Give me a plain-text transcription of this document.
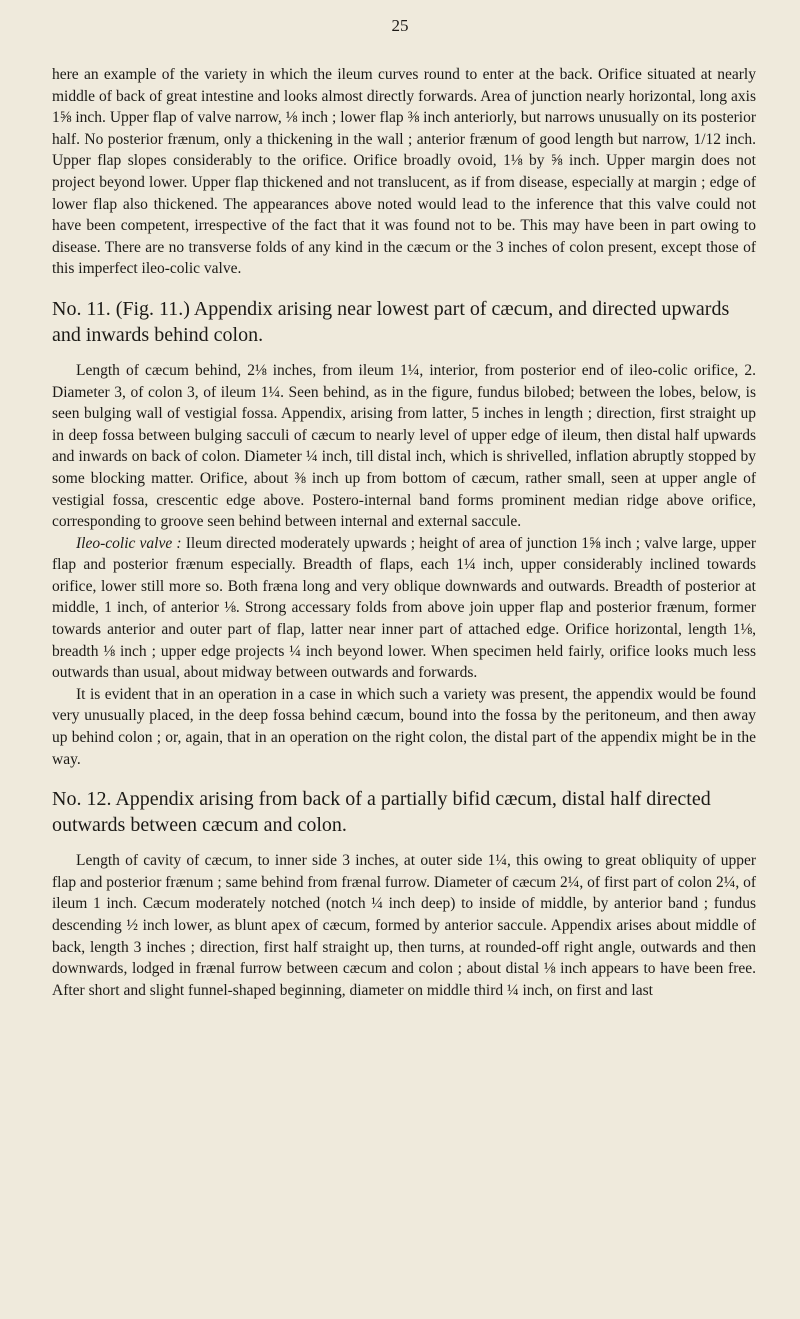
25

here an example of the variety in which the ileum curves round to enter at the back. Orifice situated at nearly middle of back of great intestine and looks almost directly forwards. Area of junction nearly horizontal, long axis 1⅝ inch. Upper flap of valve narrow, ⅛ inch ; lower flap ⅜ inch anteriorly, but narrows unusually on its posterior half. No posterior frænum, only a thickening in the wall ; anterior frænum of good length but narrow, 1/12 inch. Upper flap slopes considerably to the orifice. Orifice broadly ovoid, 1⅛ by ⅝ inch. Upper margin does not project beyond lower. Upper flap thickened and not translucent, as if from disease, especially at margin ; edge of lower flap also thickened. The appearances above noted would lead to the inference that this valve could not have been competent, irrespective of the fact that it was found not to be. This may have been in part owing to disease. There are no transverse folds of any kind in the cæcum or the 3 inches of colon present, except those of this imperfect ileo-colic valve.

No. 11. (Fig. 11.) Appendix arising near lowest part of cæcum, and directed upwards and inwards behind colon.

Length of cæcum behind, 2⅛ inches, from ileum 1¼, interior, from posterior end of ileo-colic orifice, 2. Diameter 3, of colon 3, of ileum 1¼. Seen behind, as in the figure, fundus bilobed; between the lobes, below, is seen bulging wall of vestigial fossa. Appendix, arising from latter, 5 inches in length ; direction, first straight up in deep fossa between bulging sacculi of cæcum to nearly level of upper edge of ileum, then distal half upwards and inwards on back of colon. Diameter ¼ inch, till distal inch, which is shrivelled, inflation abruptly stopped by some blocking matter. Orifice, about ⅜ inch up from bottom of cæcum, rather small, seen at upper angle of vestigial fossa, crescentic edge above. Postero-internal band forms prominent median ridge above orifice, corresponding to groove seen behind between internal and external saccule.

Ileo-colic valve : Ileum directed moderately upwards ; height of area of junction 1⅝ inch ; valve large, upper flap and posterior frænum especially. Breadth of flaps, each 1¼ inch, upper considerably inclined towards orifice, lower still more so. Both fræna long and very oblique downwards and outwards. Breadth of posterior at middle, 1 inch, of anterior ⅛. Strong accessary folds from above join upper flap and posterior frænum, former towards anterior and outer part of flap, latter near inner part of attached edge. Orifice horizontal, length 1⅛, breadth ⅛ inch ; upper edge projects ¼ inch beyond lower. When specimen held fairly, orifice looks much less outwards than usual, about midway between outwards and forwards.

It is evident that in an operation in a case in which such a variety was present, the appendix would be found very unusually placed, in the deep fossa behind cæcum, bound into the fossa by the peritoneum, and then away up behind colon ; or, again, that in an operation on the right colon, the distal part of the appendix might be in the way.

No. 12. Appendix arising from back of a partially bifid cæcum, distal half directed outwards between cæcum and colon.

Length of cavity of cæcum, to inner side 3 inches, at outer side 1¼, this owing to great obliquity of upper flap and posterior frænum ; same behind from frænal furrow. Diameter of cæcum 2¼, of first part of colon 2¼, of ileum 1 inch. Cæcum moderately notched (notch ¼ inch deep) to inside of middle, by anterior band ; fundus descending ½ inch lower, as blunt apex of cæcum, formed by anterior saccule. Appendix arises about middle of back, length 3 inches ; direction, first half straight up, then turns, at rounded-off right angle, outwards and then downwards, lodged in frænal furrow between cæcum and colon ; about distal ⅛ inch appears to have been free. After short and slight funnel-shaped beginning, diameter on middle third ¼ inch, on first and last
